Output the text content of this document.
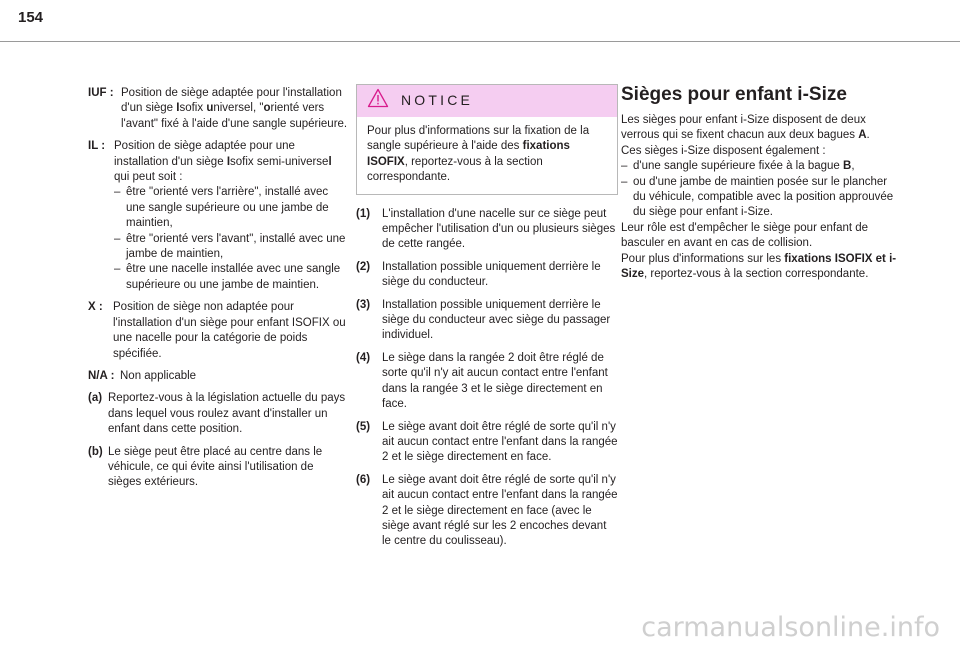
154
IUF : Position de siège adaptée pour l'installation d'un siège Isofix universel, "orienté vers l'avant" fixé à l'aide d'une sangle supérieure.
IL : Position de siège adaptée pour une installation d'un siège Isofix semi-universel qui peut soit :
– être "orienté vers l'arrière", installé avec une sangle supérieure ou une jambe de maintien,
– être "orienté vers l'avant", installé avec une jambe de maintien,
– être une nacelle installée avec une sangle supérieure ou une jambe de maintien.
X : Position de siège non adaptée pour l'installation d'un siège pour enfant ISOFIX ou une nacelle pour la catégorie de poids spécifiée.
N/A : Non applicable
(a) Reportez-vous à la législation actuelle du pays dans lequel vous roulez avant d'installer un enfant dans cette position.
(b) Le siège peut être placé au centre dans le véhicule, ce qui évite ainsi l'utilisation de sièges extérieurs.
NOTICE
Pour plus d'informations sur la fixation de la sangle supérieure à l'aide des fixations ISOFIX, reportez-vous à la section correspondante.
(1)	L'installation d'une nacelle sur ce siège peut empêcher l'utilisation d'un ou plusieurs sièges de cette rangée.
(2)	Installation possible uniquement derrière le siège du conducteur.
(3)	Installation possible uniquement derrière le siège du conducteur avec siège du passager individuel.
(4)	Le siège dans la rangée 2 doit être réglé de sorte qu'il n'y ait aucun contact entre l'enfant dans la rangée 3 et le siège directement en face.
(5)	Le siège avant doit être réglé de sorte qu'il n'y ait aucun contact entre l'enfant dans la rangée 2 et le siège directement en face.
(6)	Le siège avant doit être réglé de sorte qu'il n'y ait aucun contact entre l'enfant dans la rangée 2 et le siège directement en face (avec le siège avant réglé sur les 2 encoches devant le centre du coulisseau).
Sièges pour enfant i-Size

Les sièges pour enfant i-Size disposent de deux verrous qui se fixent chacun aux deux bagues A.

Ces sièges i-Size disposent également :

– d'une sangle supérieure fixée à la bague B,
– ou d'une jambe de maintien posée sur le plancher du véhicule, compatible avec la position approuvée du siège pour enfant i-Size.

Leur rôle est d'empêcher le siège pour enfant de basculer en avant en cas de collision.

Pour plus d'informations sur les fixations ISOFIX et i-Size, reportez-vous à la section correspondante.

carmanualsonline.info
